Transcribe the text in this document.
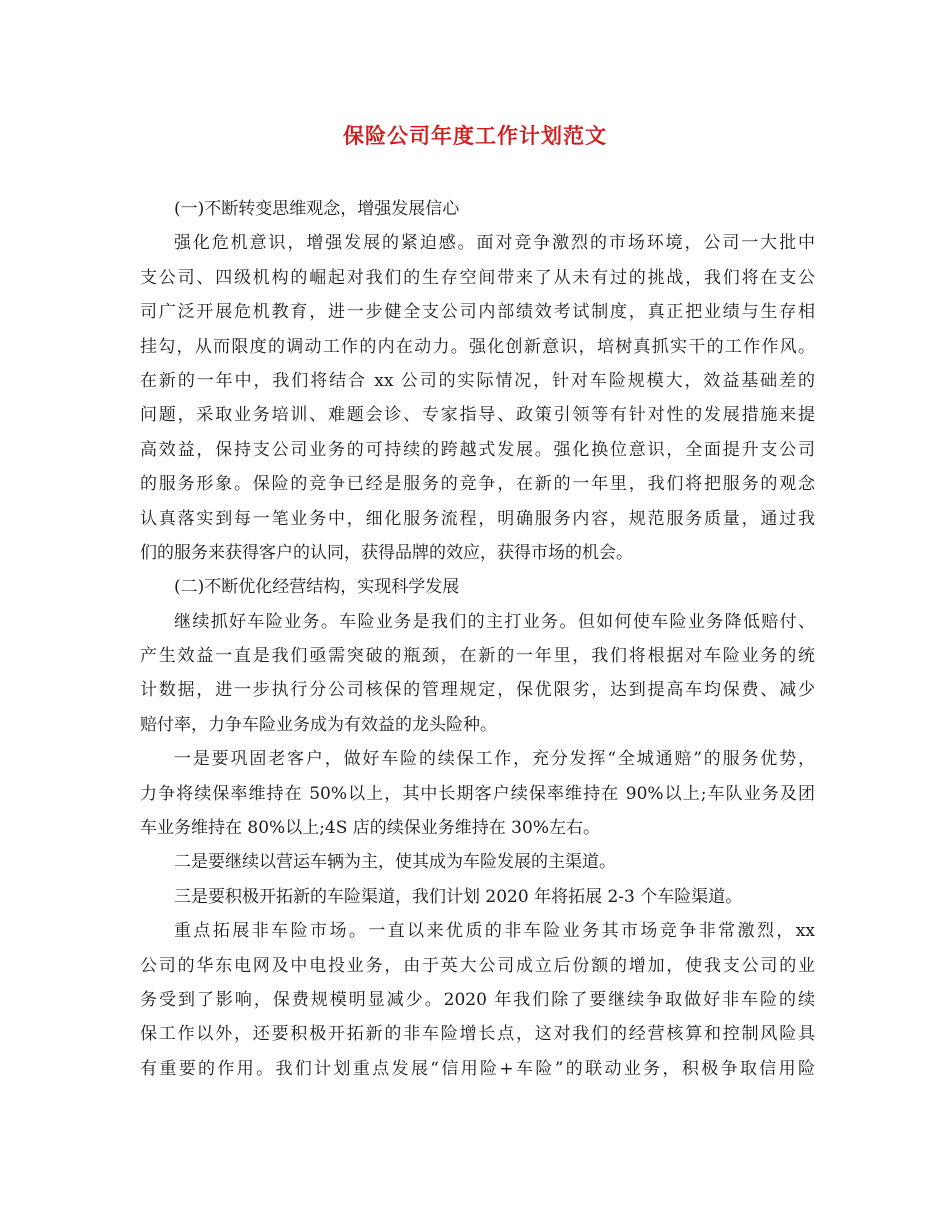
保险公司年度工作计划范文
(一)不断转变思维观念，增强发展信心
强化危机意识，增强发展的紧迫感。面对竞争激烈的市场环境，公司一大批中
支公司、四级机构的崛起对我们的生存空间带来了从未有过的挑战，我们将在支公
司广泛开展危机教育，进一步健全支公司内部绩效考试制度，真正把业绩与生存相
挂勾，从而限度的调动工作的内在动力。强化创新意识，培树真抓实干的工作作风。
在新的一年中，我们将结合 xx 公司的实际情况，针对车险规模大，效益基础差的
问题，采取业务培训、难题会诊、专家指导、政策引领等有针对性的发展措施来提
高效益，保持支公司业务的可持续的跨越式发展。强化换位意识，全面提升支公司
的服务形象。保险的竞争已经是服务的竞争，在新的一年里，我们将把服务的观念
认真落实到每一笔业务中，细化服务流程，明确服务内容，规范服务质量，通过我
们的服务来获得客户的认同，获得品牌的效应，获得市场的机会。
(二)不断优化经营结构，实现科学发展
继续抓好车险业务。车险业务是我们的主打业务。但如何使车险业务降低赔付、
产生效益一直是我们亟需突破的瓶颈，在新的一年里，我们将根据对车险业务的统
计数据，进一步执行分公司核保的管理规定，保优限劣，达到提高车均保费、减少
赔付率，力争车险业务成为有效益的龙头险种。
一是要巩固老客户，做好车险的续保工作，充分发挥“全城通赔”的服务优势，
力争将续保率维持在 50%以上，其中长期客户续保率维持在 90%以上;车队业务及团
车业务维持在 80%以上;4S 店的续保业务维持在 30%左右。
二是要继续以营运车辆为主，使其成为车险发展的主渠道。
三是要积极开拓新的车险渠道，我们计划 2020 年将拓展 2-3 个车险渠道。
重点拓展非车险市场。一直以来优质的非车险业务其市场竞争非常激烈，xx
公司的华东电网及中电投业务，由于英大公司成立后份额的增加，使我支公司的业
务受到了影响，保费规模明显减少。2020 年我们除了要继续争取做好非车险的续
保工作以外，还要积极开拓新的非车险增长点，这对我们的经营核算和控制风险具
有重要的作用。我们计划重点发展“信用险+车险”的联动业务，积极争取信用险
